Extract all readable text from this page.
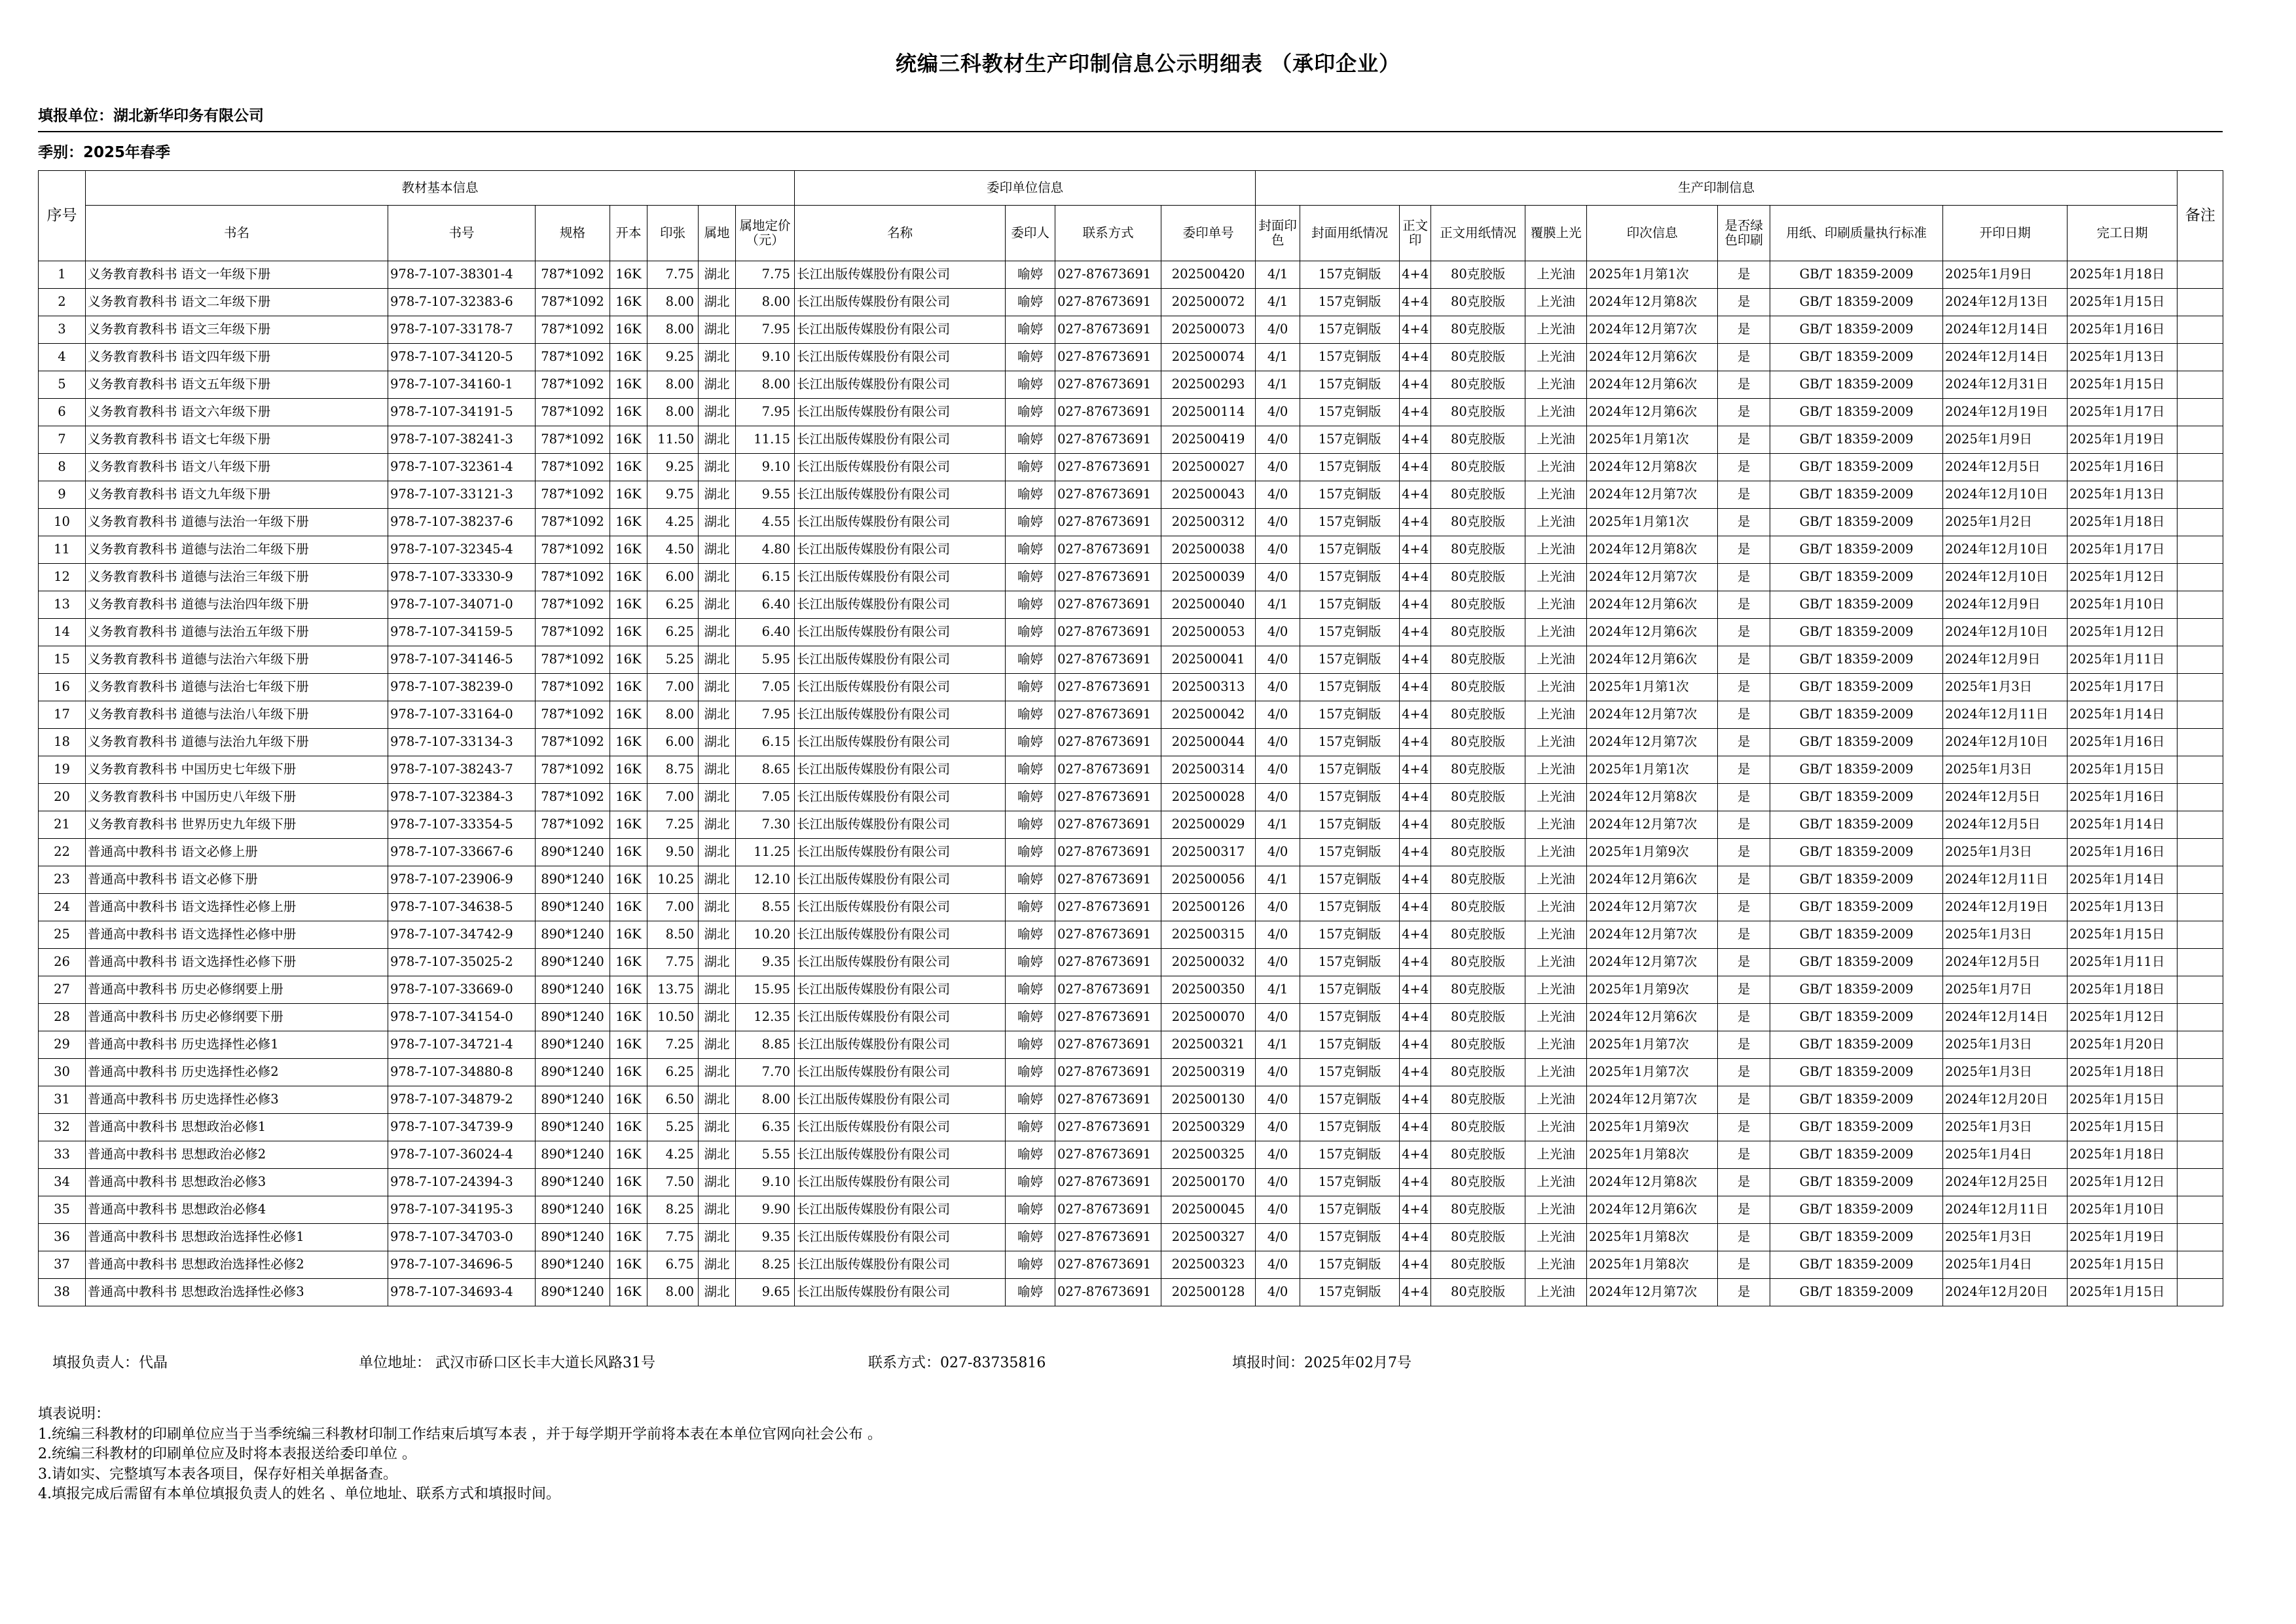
统编三科教材生产印制信息公示明细表 （承印企业）
填报单位：湖北新华印务有限公司
季别：2025年春季
序号	教材基本信息							委印单位信息				生产印制信息										备注
	书名	书号	规格	开本	印张	属地	属地定价（元）	名称	委印人	联系方式	委印单号	封面印色	封面用纸情况	正文印	正文用纸情况	覆膜上光	印次信息	是否绿色印刷	用纸、印刷质量执行标准	开印日期	完工日期	
1	义务教育教科书 语文一年级下册	978-7-107-38301-4	787*1092	16K	7.75	湖北	7.75	长江出版传媒股份有限公司	喻婷	027-87673691	202500420	4/1	157克铜版	4+4	80克胶版	上光油	2025年1月第1次	是	GB/T 18359-2009	2025年1月9日	2025年1月18日	
2	义务教育教科书 语文二年级下册	978-7-107-32383-6	787*1092	16K	8.00	湖北	8.00	长江出版传媒股份有限公司	喻婷	027-87673691	202500072	4/1	157克铜版	4+4	80克胶版	上光油	2024年12月第8次	是	GB/T 18359-2009	2024年12月13日	2025年1月15日	
3	义务教育教科书 语文三年级下册	978-7-107-33178-7	787*1092	16K	8.00	湖北	7.95	长江出版传媒股份有限公司	喻婷	027-87673691	202500073	4/0	157克铜版	4+4	80克胶版	上光油	2024年12月第7次	是	GB/T 18359-2009	2024年12月14日	2025年1月16日	
4	义务教育教科书 语文四年级下册	978-7-107-34120-5	787*1092	16K	9.25	湖北	9.10	长江出版传媒股份有限公司	喻婷	027-87673691	202500074	4/1	157克铜版	4+4	80克胶版	上光油	2024年12月第6次	是	GB/T 18359-2009	2024年12月14日	2025年1月13日	
5	义务教育教科书 语文五年级下册	978-7-107-34160-1	787*1092	16K	8.00	湖北	8.00	长江出版传媒股份有限公司	喻婷	027-87673691	202500293	4/1	157克铜版	4+4	80克胶版	上光油	2024年12月第6次	是	GB/T 18359-2009	2024年12月31日	2025年1月15日	
6	义务教育教科书 语文六年级下册	978-7-107-34191-5	787*1092	16K	8.00	湖北	7.95	长江出版传媒股份有限公司	喻婷	027-87673691	202500114	4/0	157克铜版	4+4	80克胶版	上光油	2024年12月第6次	是	GB/T 18359-2009	2024年12月19日	2025年1月17日	
7	义务教育教科书 语文七年级下册	978-7-107-38241-3	787*1092	16K	11.50	湖北	11.15	长江出版传媒股份有限公司	喻婷	027-87673691	202500419	4/0	157克铜版	4+4	80克胶版	上光油	2025年1月第1次	是	GB/T 18359-2009	2025年1月9日	2025年1月19日	
8	义务教育教科书 语文八年级下册	978-7-107-32361-4	787*1092	16K	9.25	湖北	9.10	长江出版传媒股份有限公司	喻婷	027-87673691	202500027	4/0	157克铜版	4+4	80克胶版	上光油	2024年12月第8次	是	GB/T 18359-2009	2024年12月5日	2025年1月16日	
9	义务教育教科书 语文九年级下册	978-7-107-33121-3	787*1092	16K	9.75	湖北	9.55	长江出版传媒股份有限公司	喻婷	027-87673691	202500043	4/0	157克铜版	4+4	80克胶版	上光油	2024年12月第7次	是	GB/T 18359-2009	2024年12月10日	2025年1月13日	
10	义务教育教科书 道德与法治一年级下册	978-7-107-38237-6	787*1092	16K	4.25	湖北	4.55	长江出版传媒股份有限公司	喻婷	027-87673691	202500312	4/0	157克铜版	4+4	80克胶版	上光油	2025年1月第1次	是	GB/T 18359-2009	2025年1月2日	2025年1月18日	
11	义务教育教科书 道德与法治二年级下册	978-7-107-32345-4	787*1092	16K	4.50	湖北	4.80	长江出版传媒股份有限公司	喻婷	027-87673691	202500038	4/0	157克铜版	4+4	80克胶版	上光油	2024年12月第8次	是	GB/T 18359-2009	2024年12月10日	2025年1月17日	
12	义务教育教科书 道德与法治三年级下册	978-7-107-33330-9	787*1092	16K	6.00	湖北	6.15	长江出版传媒股份有限公司	喻婷	027-87673691	202500039	4/0	157克铜版	4+4	80克胶版	上光油	2024年12月第7次	是	GB/T 18359-2009	2024年12月10日	2025年1月12日	
13	义务教育教科书 道德与法治四年级下册	978-7-107-34071-0	787*1092	16K	6.25	湖北	6.40	长江出版传媒股份有限公司	喻婷	027-87673691	202500040	4/1	157克铜版	4+4	80克胶版	上光油	2024年12月第6次	是	GB/T 18359-2009	2024年12月9日	2025年1月10日	
14	义务教育教科书 道德与法治五年级下册	978-7-107-34159-5	787*1092	16K	6.25	湖北	6.40	长江出版传媒股份有限公司	喻婷	027-87673691	202500053	4/0	157克铜版	4+4	80克胶版	上光油	2024年12月第6次	是	GB/T 18359-2009	2024年12月10日	2025年1月12日	
15	义务教育教科书 道德与法治六年级下册	978-7-107-34146-5	787*1092	16K	5.25	湖北	5.95	长江出版传媒股份有限公司	喻婷	027-87673691	202500041	4/0	157克铜版	4+4	80克胶版	上光油	2024年12月第6次	是	GB/T 18359-2009	2024年12月9日	2025年1月11日	
16	义务教育教科书 道德与法治七年级下册	978-7-107-38239-0	787*1092	16K	7.00	湖北	7.05	长江出版传媒股份有限公司	喻婷	027-87673691	202500313	4/0	157克铜版	4+4	80克胶版	上光油	2025年1月第1次	是	GB/T 18359-2009	2025年1月3日	2025年1月17日	
17	义务教育教科书 道德与法治八年级下册	978-7-107-33164-0	787*1092	16K	8.00	湖北	7.95	长江出版传媒股份有限公司	喻婷	027-87673691	202500042	4/0	157克铜版	4+4	80克胶版	上光油	2024年12月第7次	是	GB/T 18359-2009	2024年12月11日	2025年1月14日	
18	义务教育教科书 道德与法治九年级下册	978-7-107-33134-3	787*1092	16K	6.00	湖北	6.15	长江出版传媒股份有限公司	喻婷	027-87673691	202500044	4/0	157克铜版	4+4	80克胶版	上光油	2024年12月第7次	是	GB/T 18359-2009	2024年12月10日	2025年1月16日	
19	义务教育教科书 中国历史七年级下册	978-7-107-38243-7	787*1092	16K	8.75	湖北	8.65	长江出版传媒股份有限公司	喻婷	027-87673691	202500314	4/0	157克铜版	4+4	80克胶版	上光油	2025年1月第1次	是	GB/T 18359-2009	2025年1月3日	2025年1月15日	
20	义务教育教科书 中国历史八年级下册	978-7-107-32384-3	787*1092	16K	7.00	湖北	7.05	长江出版传媒股份有限公司	喻婷	027-87673691	202500028	4/0	157克铜版	4+4	80克胶版	上光油	2024年12月第8次	是	GB/T 18359-2009	2024年12月5日	2025年1月16日	
21	义务教育教科书 世界历史九年级下册	978-7-107-33354-5	787*1092	16K	7.25	湖北	7.30	长江出版传媒股份有限公司	喻婷	027-87673691	202500029	4/1	157克铜版	4+4	80克胶版	上光油	2024年12月第7次	是	GB/T 18359-2009	2024年12月5日	2025年1月14日	
22	普通高中教科书 语文必修上册	978-7-107-33667-6	890*1240	16K	9.50	湖北	11.25	长江出版传媒股份有限公司	喻婷	027-87673691	202500317	4/0	157克铜版	4+4	80克胶版	上光油	2025年1月第9次	是	GB/T 18359-2009	2025年1月3日	2025年1月16日	
23	普通高中教科书 语文必修下册	978-7-107-23906-9	890*1240	16K	10.25	湖北	12.10	长江出版传媒股份有限公司	喻婷	027-87673691	202500056	4/1	157克铜版	4+4	80克胶版	上光油	2024年12月第6次	是	GB/T 18359-2009	2024年12月11日	2025年1月14日	
24	普通高中教科书 语文选择性必修上册	978-7-107-34638-5	890*1240	16K	7.00	湖北	8.55	长江出版传媒股份有限公司	喻婷	027-87673691	202500126	4/0	157克铜版	4+4	80克胶版	上光油	2024年12月第7次	是	GB/T 18359-2009	2024年12月19日	2025年1月13日	
25	普通高中教科书 语文选择性必修中册	978-7-107-34742-9	890*1240	16K	8.50	湖北	10.20	长江出版传媒股份有限公司	喻婷	027-87673691	202500315	4/0	157克铜版	4+4	80克胶版	上光油	2024年12月第7次	是	GB/T 18359-2009	2025年1月3日	2025年1月15日	
26	普通高中教科书 语文选择性必修下册	978-7-107-35025-2	890*1240	16K	7.75	湖北	9.35	长江出版传媒股份有限公司	喻婷	027-87673691	202500032	4/0	157克铜版	4+4	80克胶版	上光油	2024年12月第7次	是	GB/T 18359-2009	2024年12月5日	2025年1月11日	
27	普通高中教科书 历史必修纲要上册	978-7-107-33669-0	890*1240	16K	13.75	湖北	15.95	长江出版传媒股份有限公司	喻婷	027-87673691	202500350	4/1	157克铜版	4+4	80克胶版	上光油	2025年1月第9次	是	GB/T 18359-2009	2025年1月7日	2025年1月18日	
28	普通高中教科书 历史必修纲要下册	978-7-107-34154-0	890*1240	16K	10.50	湖北	12.35	长江出版传媒股份有限公司	喻婷	027-87673691	202500070	4/0	157克铜版	4+4	80克胶版	上光油	2024年12月第6次	是	GB/T 18359-2009	2024年12月14日	2025年1月12日	
29	普通高中教科书 历史选择性必修1	978-7-107-34721-4	890*1240	16K	7.25	湖北	8.85	长江出版传媒股份有限公司	喻婷	027-87673691	202500321	4/1	157克铜版	4+4	80克胶版	上光油	2025年1月第7次	是	GB/T 18359-2009	2025年1月3日	2025年1月20日	
30	普通高中教科书 历史选择性必修2	978-7-107-34880-8	890*1240	16K	6.25	湖北	7.70	长江出版传媒股份有限公司	喻婷	027-87673691	202500319	4/0	157克铜版	4+4	80克胶版	上光油	2025年1月第7次	是	GB/T 18359-2009	2025年1月3日	2025年1月18日	
31	普通高中教科书 历史选择性必修3	978-7-107-34879-2	890*1240	16K	6.50	湖北	8.00	长江出版传媒股份有限公司	喻婷	027-87673691	202500130	4/0	157克铜版	4+4	80克胶版	上光油	2024年12月第7次	是	GB/T 18359-2009	2024年12月20日	2025年1月15日	
32	普通高中教科书 思想政治必修1	978-7-107-34739-9	890*1240	16K	5.25	湖北	6.35	长江出版传媒股份有限公司	喻婷	027-87673691	202500329	4/0	157克铜版	4+4	80克胶版	上光油	2025年1月第9次	是	GB/T 18359-2009	2025年1月3日	2025年1月15日	
33	普通高中教科书 思想政治必修2	978-7-107-36024-4	890*1240	16K	4.25	湖北	5.55	长江出版传媒股份有限公司	喻婷	027-87673691	202500325	4/0	157克铜版	4+4	80克胶版	上光油	2025年1月第8次	是	GB/T 18359-2009	2025年1月4日	2025年1月18日	
34	普通高中教科书 思想政治必修3	978-7-107-24394-3	890*1240	16K	7.50	湖北	9.10	长江出版传媒股份有限公司	喻婷	027-87673691	202500170	4/0	157克铜版	4+4	80克胶版	上光油	2024年12月第8次	是	GB/T 18359-2009	2024年12月25日	2025年1月12日	
35	普通高中教科书 思想政治必修4	978-7-107-34195-3	890*1240	16K	8.25	湖北	9.90	长江出版传媒股份有限公司	喻婷	027-87673691	202500045	4/0	157克铜版	4+4	80克胶版	上光油	2024年12月第6次	是	GB/T 18359-2009	2024年12月11日	2025年1月10日	
36	普通高中教科书 思想政治选择性必修1	978-7-107-34703-0	890*1240	16K	7.75	湖北	9.35	长江出版传媒股份有限公司	喻婷	027-87673691	202500327	4/0	157克铜版	4+4	80克胶版	上光油	2025年1月第8次	是	GB/T 18359-2009	2025年1月3日	2025年1月19日	
37	普通高中教科书 思想政治选择性必修2	978-7-107-34696-5	890*1240	16K	6.75	湖北	8.25	长江出版传媒股份有限公司	喻婷	027-87673691	202500323	4/0	157克铜版	4+4	80克胶版	上光油	2025年1月第8次	是	GB/T 18359-2009	2025年1月4日	2025年1月15日	
38	普通高中教科书 思想政治选择性必修3	978-7-107-34693-4	890*1240	16K	8.00	湖北	9.65	长江出版传媒股份有限公司	喻婷	027-87673691	202500128	4/0	157克铜版	4+4	80克胶版	上光油	2024年12月第7次	是	GB/T 18359-2009	2024年12月20日	2025年1月15日	
填报负责人：代晶	单位地址： 武汉市硚口区长丰大道长风路31号	联系方式：027-83735816	填报时间：2025年02月7号
填表说明：
1.统编三科教材的印刷单位应当于当季统编三科教材印制工作结束后填写本表 ，并于每学期开学前将本表在本单位官网向社会公布 。
2.统编三科教材的印刷单位应及时将本表报送给委印单位 。
3.请如实、完整填写本表各项目，保存好相关单据备查。
4.填报完成后需留有本单位填报负责人的姓名 、单位地址、联系方式和填报时间。
